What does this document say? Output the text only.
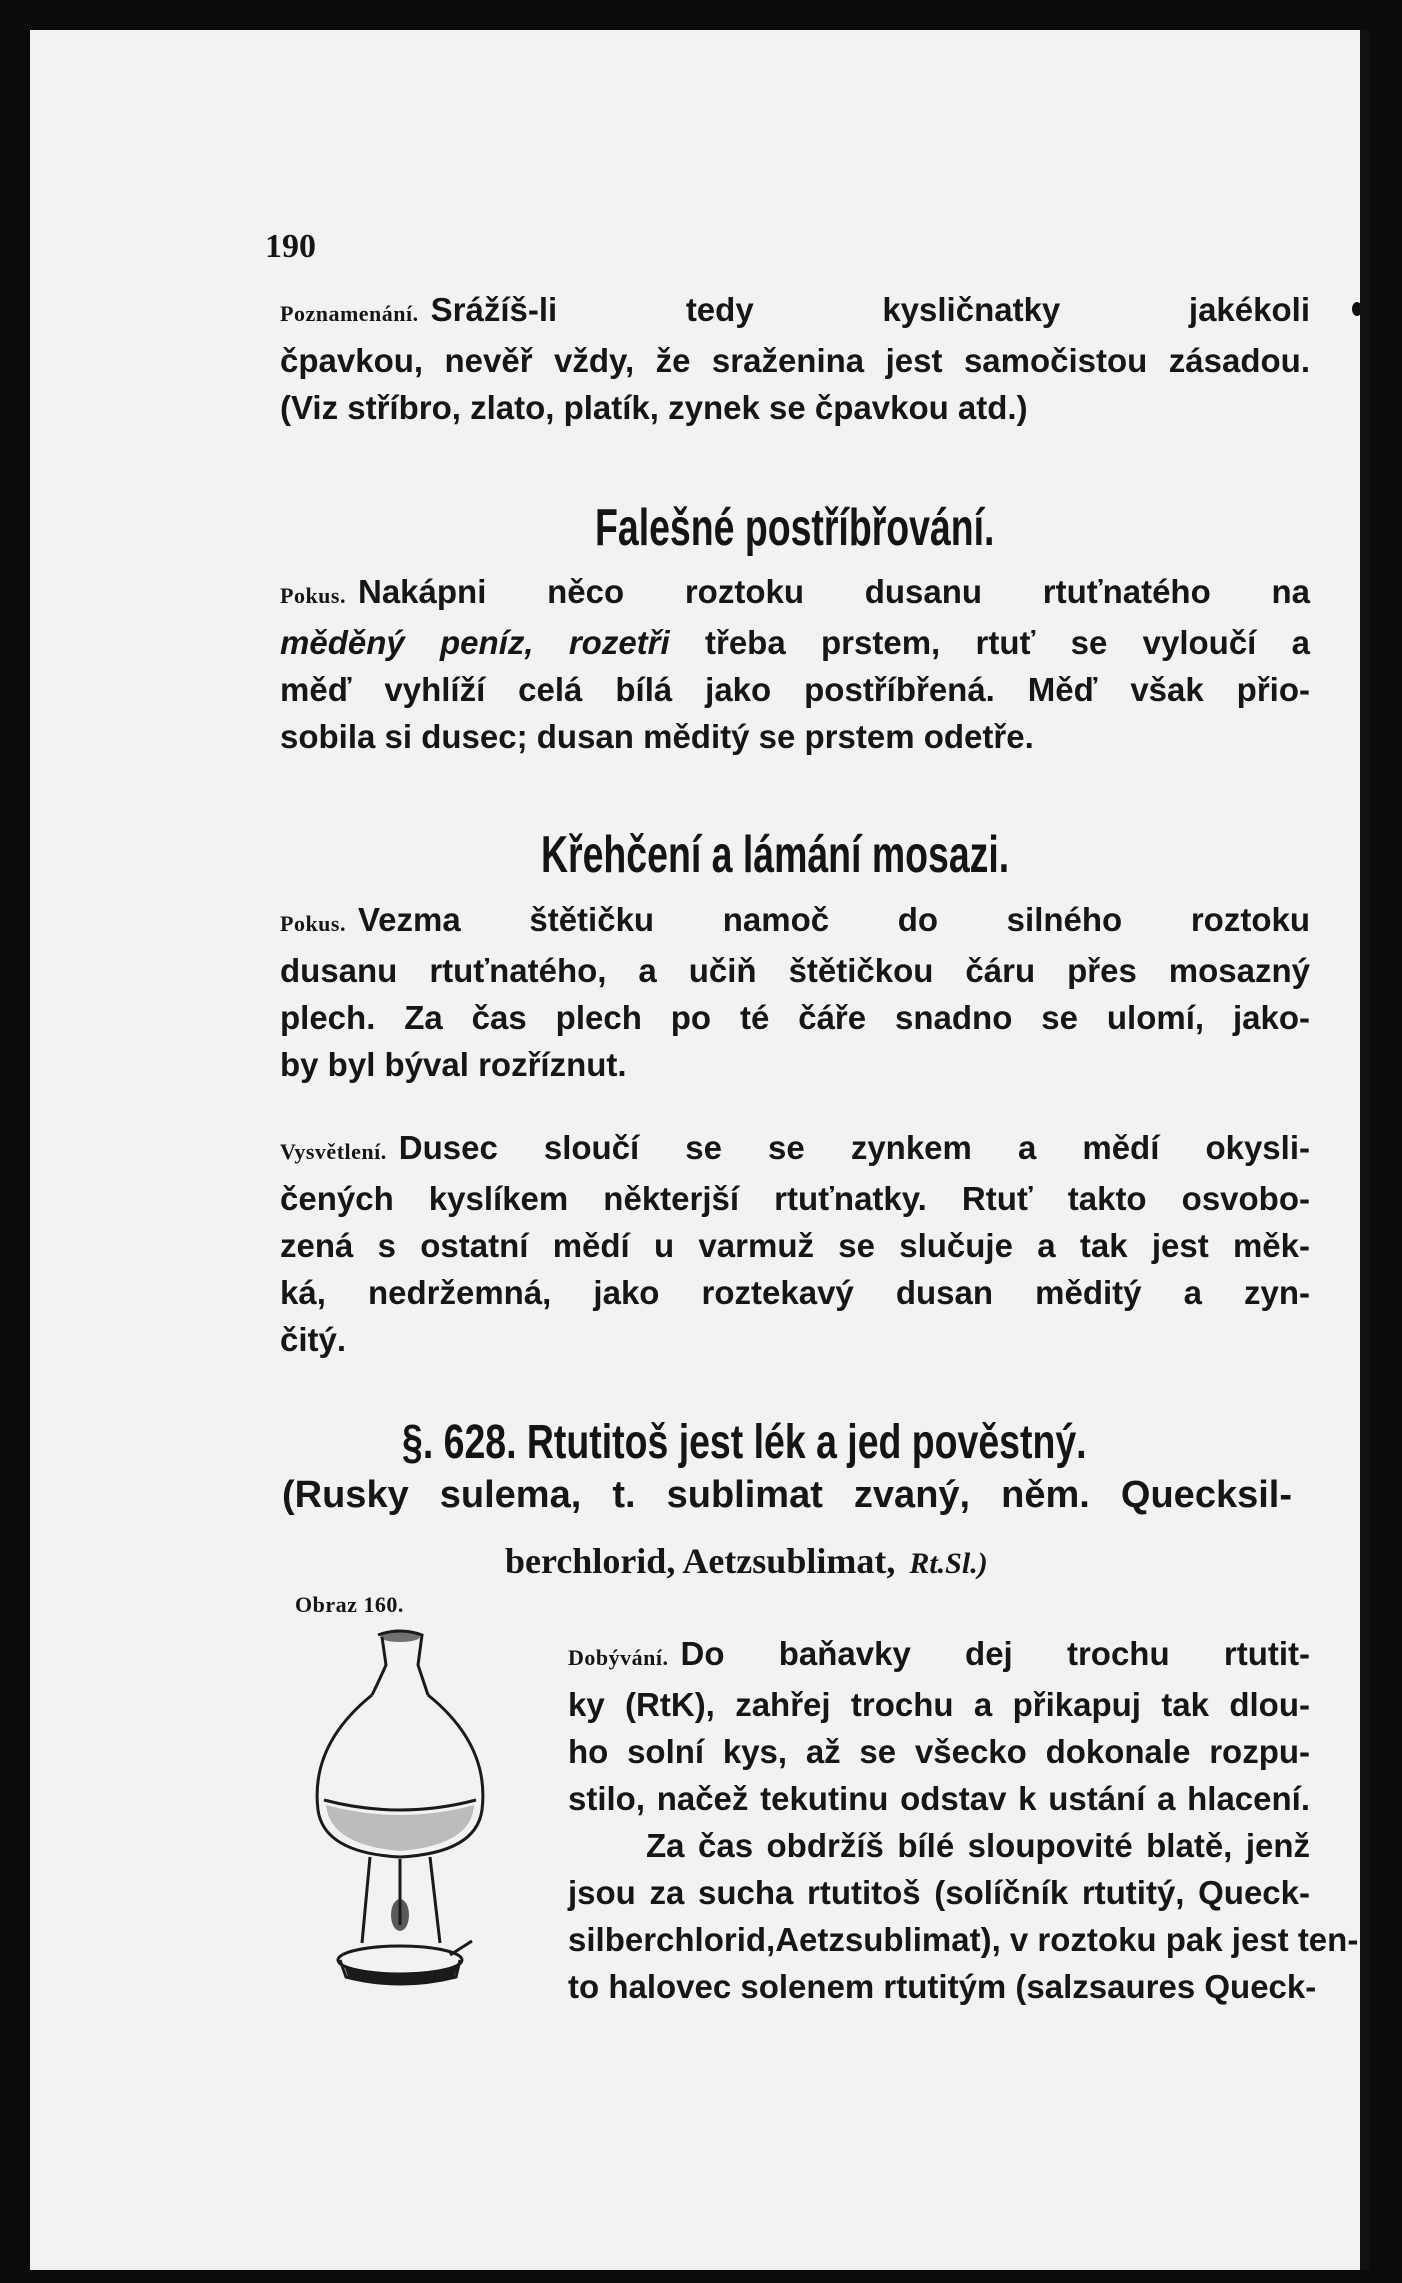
190
Poznamenání. Srážíš-li tedy kysličnatky jakékoli
čpavkou, nevěř vždy, že sraženina jest samočistou zásadou.
(Viz stříbro, zlato, platík, zynek se čpavkou atd.)
Falešné postříbřování.
Pokus. Nakápni něco roztoku dusanu rtuťnatého na
měděný peníz, rozetři třeba prstem, rtuť se vyloučí a
měď vyhlíží celá bílá jako postříbřená. Měď však přio-
sobila si dusec; dusan měditý se prstem odetře.
Křehčení a lámání mosazi.
Pokus. Vezma štětičku namoč do silného roztoku
dusanu rtuťnatého, a učiň štětičkou čáru přes mosazný
plech. Za čas plech po té čáře snadno se ulomí, jako-
by byl býval rozříznut.
Vysvětlení. Dusec sloučí se se zynkem a mědí okysli-
čených kyslíkem některjší rtuťnatky. Rtuť takto osvobo-
zená s ostatní mědí u varmuž se slučuje a tak jest měk-
ká, nedržemná, jako roztekavý dusan měditý a zyn-
čitý.
§. 628. Rtutitoš jest lék a jed pověstný.
(Rusky sulema, t. sublimat zvaný, něm. Quecksil-
berchlorid, Aetzsublimat, Rt.Sl.)
Obraz 160.
Dobývání. Do baňavky dej trochu rtutit-
ky (RtK), zahřej trochu a přikapuj tak dlou-
ho solní kys, až se všecko dokonale rozpu-
stilo, načež tekutinu odstav k ustání a hlacení.
Za čas obdržíš bílé sloupovité blatě, jenž
jsou za sucha rtutitoš (solíčník rtutitý, Queck-
silberchlorid,Aetzsublimat), v roztoku pak jest ten-
to halovec solenem rtutitým (salzsaures Queck-
